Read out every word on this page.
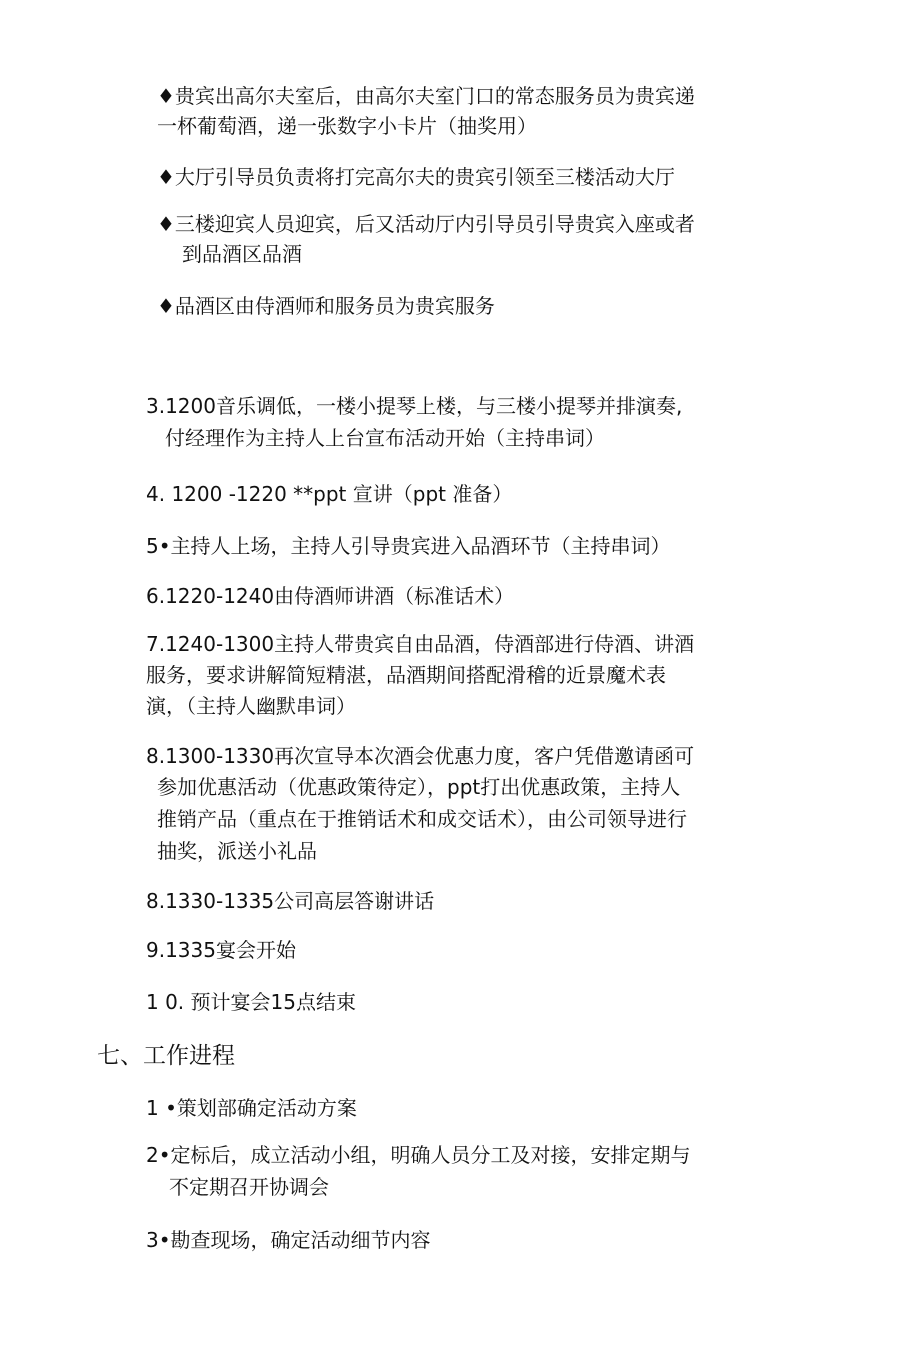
♦贵宾出高尔夫室后，由高尔夫室门口的常态服务员为贵宾递

一杯葡萄酒，递一张数字小卡片（抽奖用）

♦大厅引导员负责将打完高尔夫的贵宾引领至三楼活动大厅

♦三楼迎宾人员迎宾，后又活动厅内引导员引导贵宾入座或者

到品酒区品酒

♦品酒区由侍酒师和服务员为贵宾服务

3.1200音乐调低，一楼小提琴上楼，与三楼小提琴并排演奏,

付经理作为主持人上台宣布活动开始（主持串词）

4. 1200 -1220 **ppt 宣讲（ppt 准备）

5•主持人上场，主持人引导贵宾进入品酒环节（主持串词）

6.1220-1240由侍酒师讲酒（标准话术）

7.1240-1300主持人带贵宾自由品酒，侍酒部进行侍酒、讲酒

服务，要求讲解简短精湛，品酒期间搭配滑稽的近景魔术表

演，（主持人幽默串词）

8.1300-1330再次宣导本次酒会优惠力度，客户凭借邀请函可

参加优惠活动（优惠政策待定），ppt打出优惠政策，主持人

推销产品（重点在于推销话术和成交话术），由公司领导进行

抽奖，派送小礼品

8.1330-1335公司高层答谢讲话

9.1335宴会开始

1 0. 预计宴会15点结束

七、工作进程

1 •策划部确定活动方案

2•定标后，成立活动小组，明确人员分工及对接，安排定期与

不定期召开协调会

3•勘查现场，确定活动细节内容
